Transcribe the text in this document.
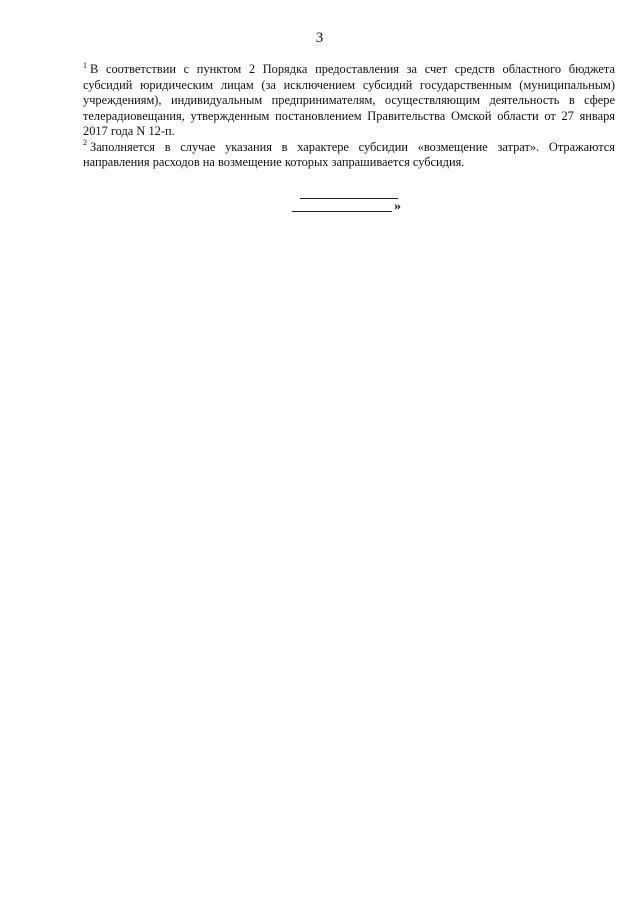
3

$^1$ В соответствии с пунктом 2 Порядка предоставления за счет средств областного бюджета субсидий юридическим лицам (за исключением субсидий государственным (муниципальным) учреждениям), индивидуальным предпринимателям, осуществляющим деятельность в сфере телерадиовещания, утвержденным постановлением Правительства Омской области от 27 января 2017 года N 12-п.

$^2$ Заполняется в случае указания в характере субсидии «возмещение затрат». Отражаются направления расходов на возмещение которых запрашивается субсидия.

»
